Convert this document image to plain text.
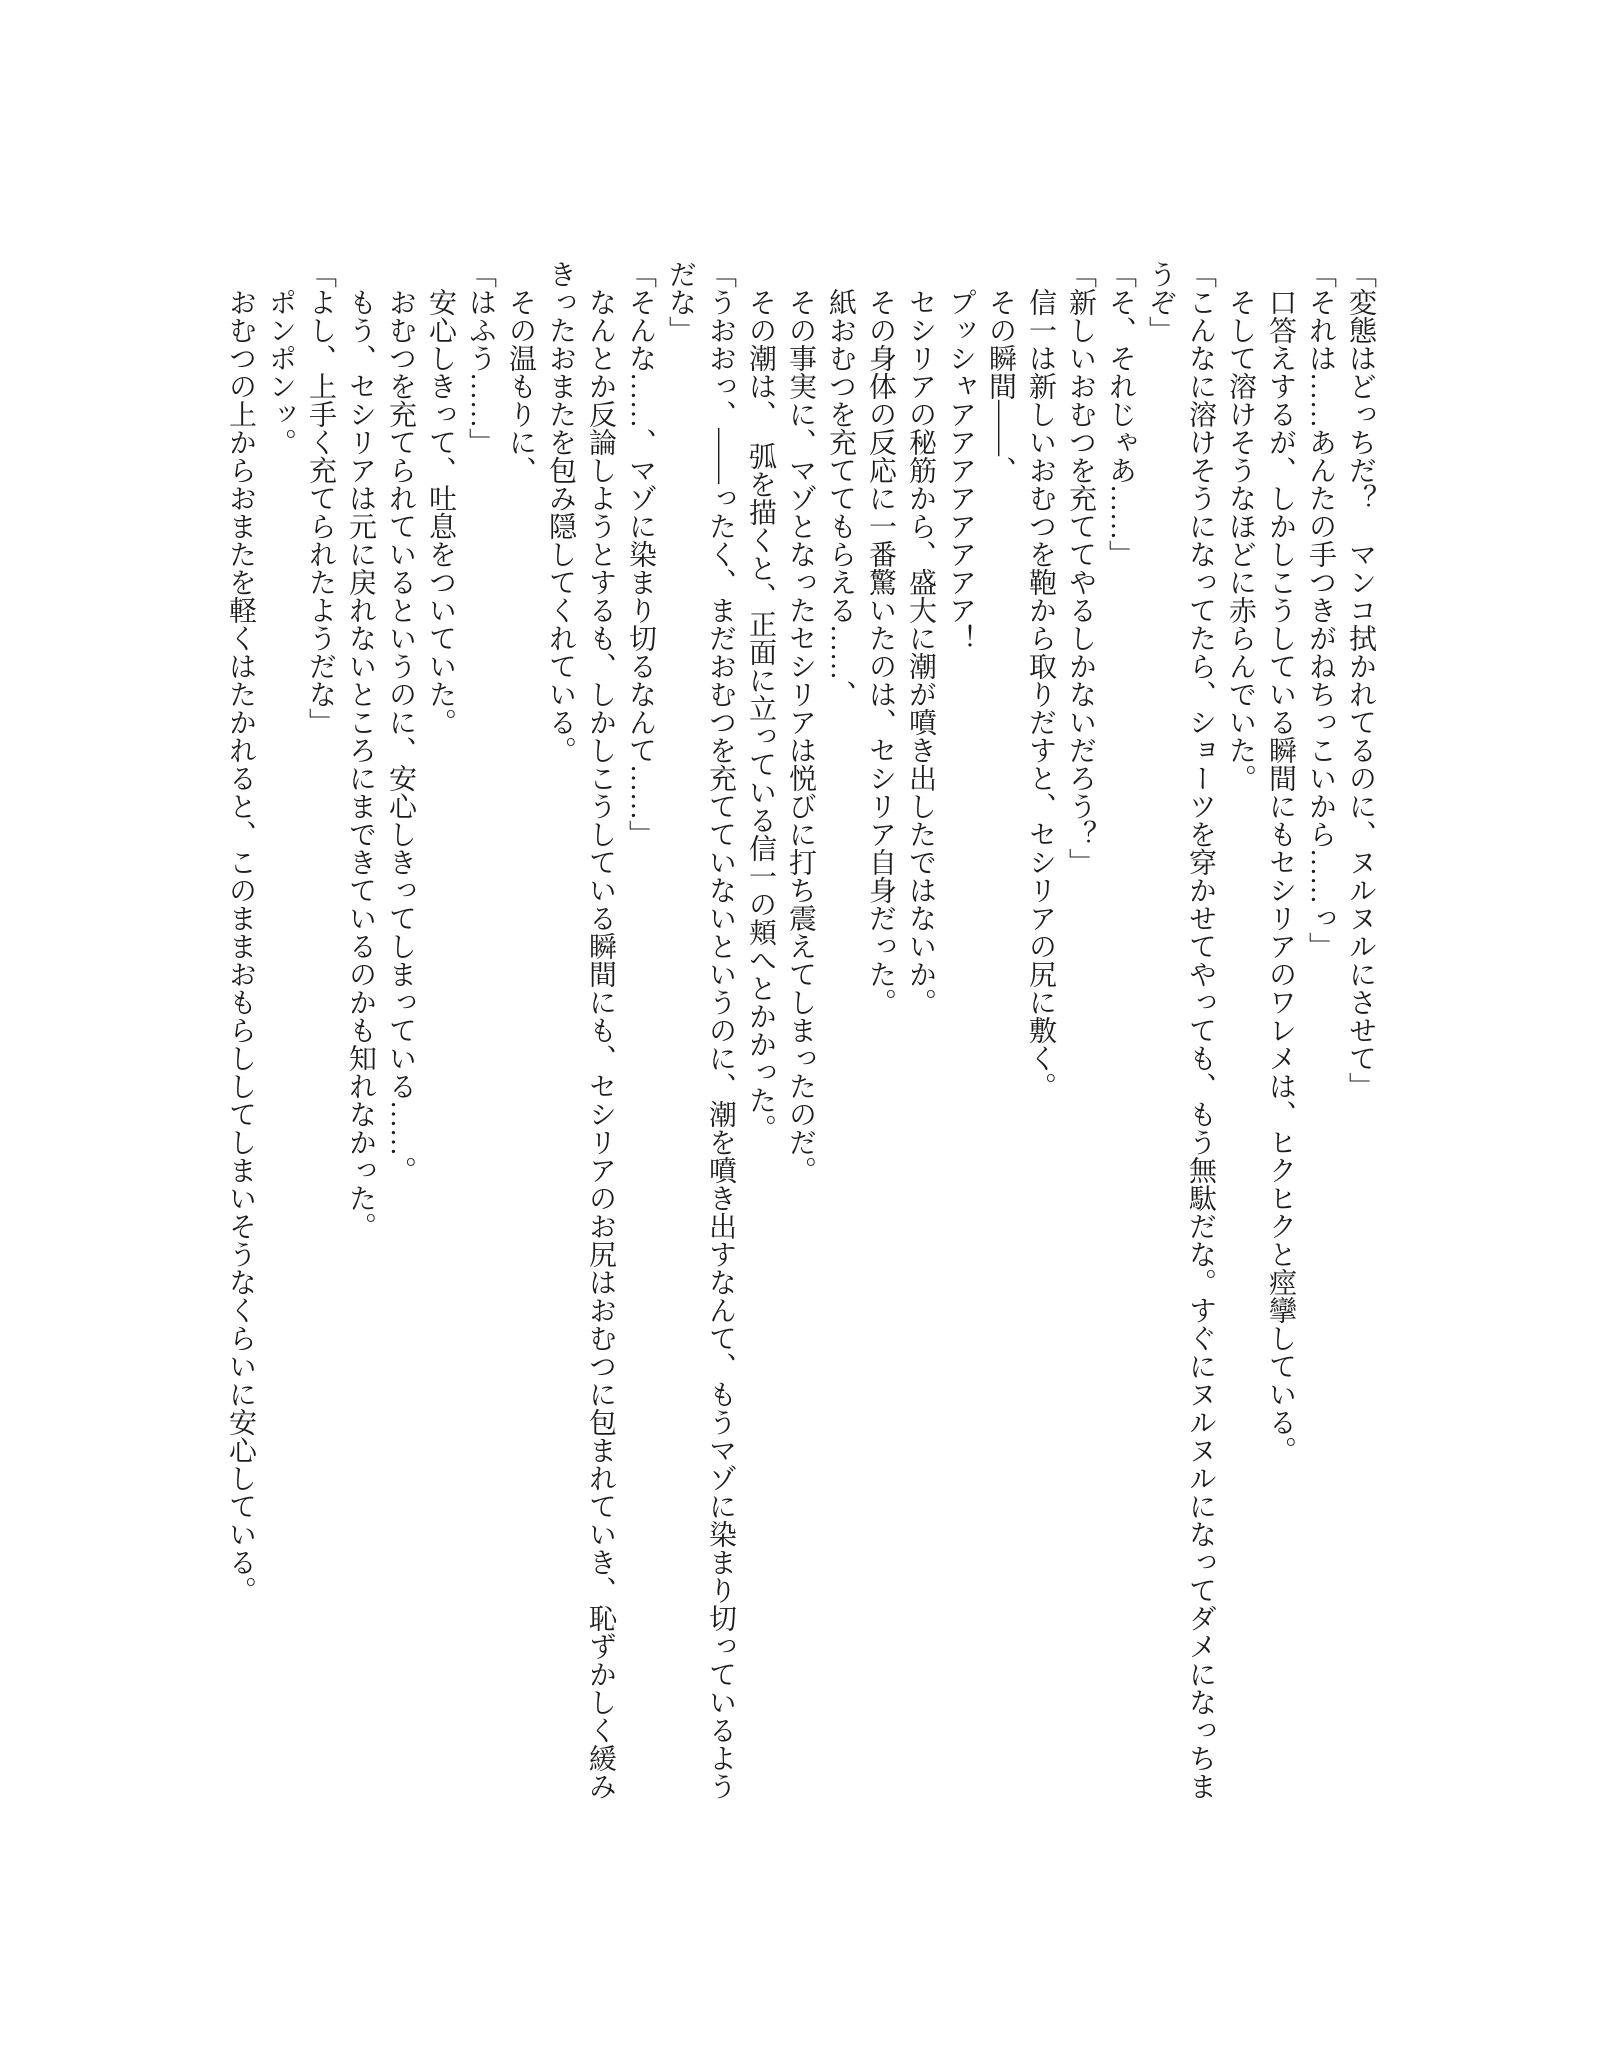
「変態はどっちだ？　マンコ拭かれてるのに、ヌルヌルにさせて」

「それは……あんたの手つきがねちっこいから……っ」

口答えするが、しかしこうしている瞬間にもセシリアのワレメは、ヒクヒクと痙攣している。

そして溶けそうなほどに赤らんでいた。

「こんなに溶けそうになってたら、ショーツを穿かせてやっても、もう無駄だな。すぐにヌルヌルになってダメになっちまうぞ」

「そ、それじゃあ……」

「新しいおむつを充ててやるしかないだろう？」

信一は新しいおむつを鞄から取りだすと、セシリアの尻に敷く。

その瞬間――、

プッシャアアアアアアアア！

セシリアの秘筋から、盛大に潮が噴き出したではないか。

その身体の反応に一番驚いたのは、セシリア自身だった。

紙おむつを充ててもらえる……、

その事実に、マゾとなったセシリアは悦びに打ち震えてしまったのだ。

その潮は、　弧を描くと、正面に立っている信一の頬へとかかった。

「うおおっ、――ったく、まだおむつを充てていないというのに、潮を噴き出すなんて、もうマゾに染まり切っているようだな」

「そんな……、マゾに染まり切るなんて……」

なんとか反論しようとするも、しかしこうしている瞬間にも、セシリアのお尻はおむつに包まれていき、恥ずかしく緩みきったおまたを包み隠してくれている。

その温もりに、

「はふう……」

安心しきって、吐息をついていた。

おむつを充てられているというのに、安心しきってしまっている……。

もう、セシリアは元に戻れないところにまできているのかも知れなかった。

「よし、上手く充てられたようだな」

ポンポンッ。

おむつの上からおまたを軽くはたかれると、このままおもらししてしまいそうなくらいに安心している。
